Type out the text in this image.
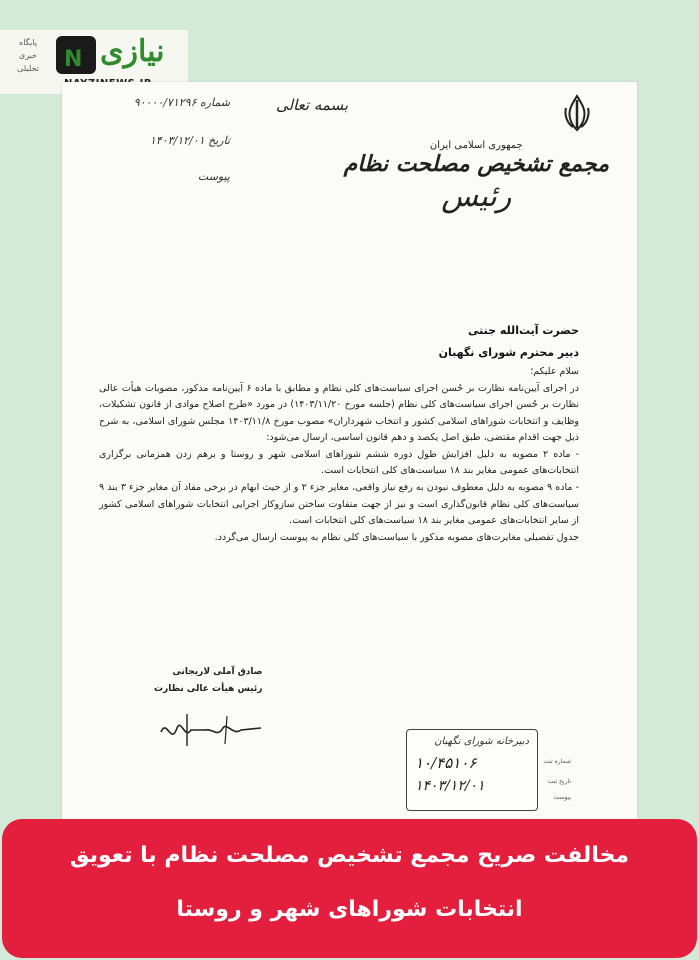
پایگاه
خبری
تحلیلی	N نیازی
جمهوری اسلامی ایران
مجمع تشخیص مصلحت نظام
رئیس
بسمه تعالی
شماره ۹۰۰۰۰/۷۱۲۹۶
تاریخ ۱۴۰۳/۱۲/۰۱
پیوست
حضرت آیت‌الله جنتی
دبیر محترم شورای نگهبان

سلام علیکم؛

در اجرای آیین‌نامه نظارت بر حُسن اجرای سیاست‌های کلی نظام و مطابق با ماده ۶ آیین‌نامه مذکور، مصوبات هیأت عالی نظارت بر حُسن اجرای سیاست‌های کلی نظام (جلسه مورخ ۱۴۰۳/۱۱/۲۰) در مورد «طرح اصلاح موادی از قانون تشکیلات، وظایف و انتخابات شوراهای اسلامی کشور و انتخاب شهرداران» مصوب مورخ ۱۴۰۳/۱۱/۸ مجلس شورای اسلامی، به شرح ذیل جهت اقدام مقتضی، طبق اصل یکصد و دهم قانون اساسی، ارسال می‌شود:

- ماده ۲ مصوبه به دلیل افزایش طول دوره ششم شوراهای اسلامی شهر و روستا و برهم زدن همزمانی برگزاری انتخابات‌های عمومی مغایر بند ۱۸ سیاست‌های کلی انتخابات است.

- ماده ۹ مصوبه به دلیل معطوف نبودن به رفع نیاز واقعی، مغایر جزء ۲ و از حیث ابهام در برخی مفاد آن مغایر جزء ۳ بند ۹ سیاست‌های کلی نظام قانون‌گذاری است و نیز از جهت متفاوت ساختن سازوکار اجرایی انتخابات شوراهای اسلامی کشور از سایر انتخابات‌های عمومی مغایر بند ۱۸ سیاست‌های کلی انتخابات است.

جدول تفصیلی مغایرت‌های مصوبه مذکور با سیاست‌های کلی نظام به پیوست ارسال می‌گردد.

صادق آملی لاریجانی
رئیس هیأت عالی نظارت
دبیرخانه شورای نگهبان
۱۰/۴۵۱۰۶
۱۴۰۳/۱۲/۰۱
شماره ثبت
تاریخ ثبت
پیوست
مخالفت صریح مجمع تشخیص مصلحت نظام با تعویق
انتخابات شوراهای شهر و روستا
